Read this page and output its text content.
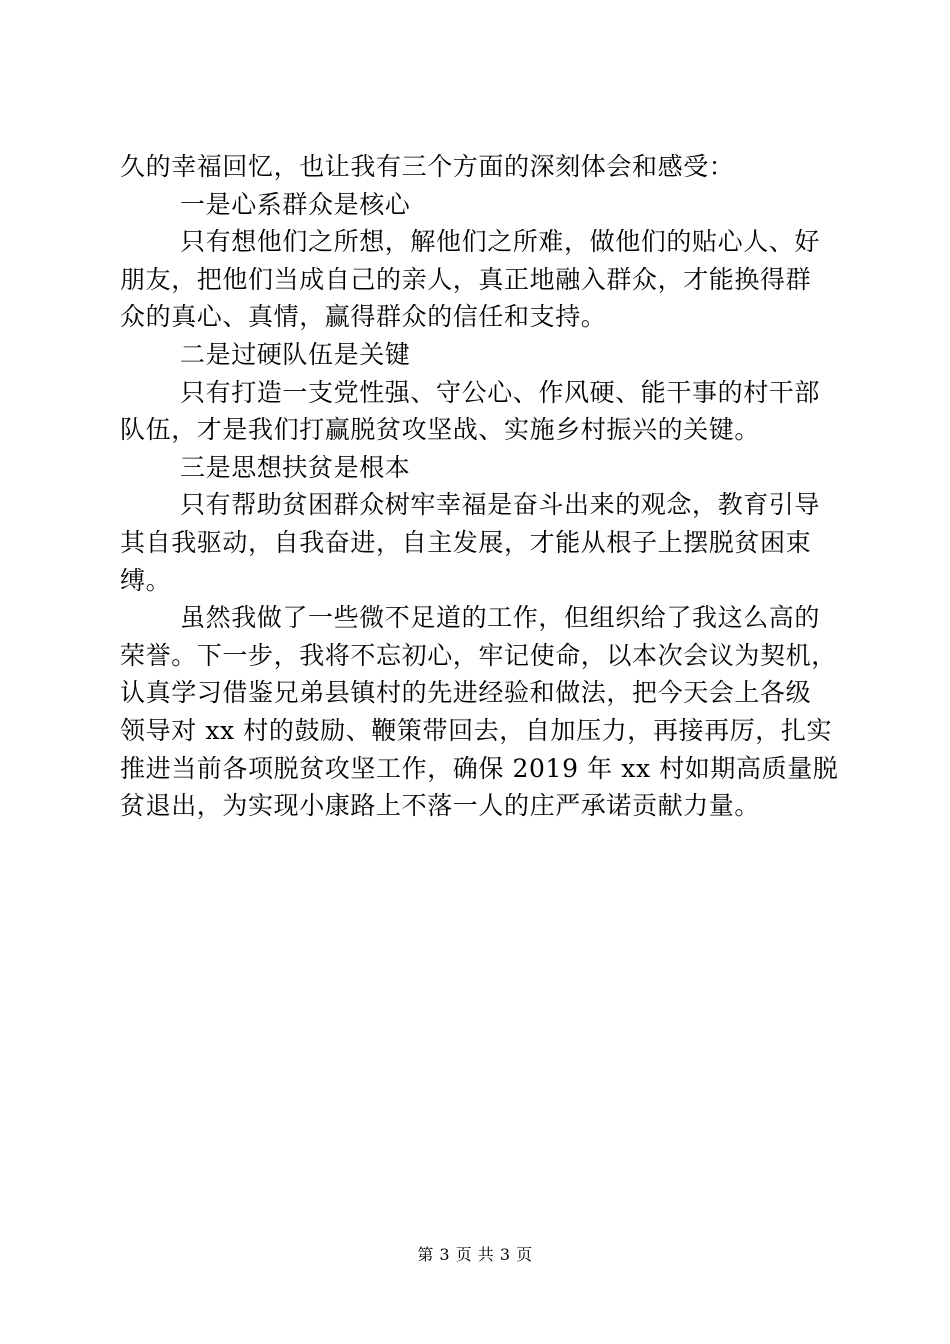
久的幸福回忆，也让我有三个方面的深刻体会和感受：
一是心系群众是核心
只有想他们之所想，解他们之所难，做他们的贴心人、好
朋友，把他们当成自己的亲人，真正地融入群众，才能换得群
众的真心、真情，赢得群众的信任和支持。
二是过硬队伍是关键
只有打造一支党性强、守公心、作风硬、能干事的村干部
队伍，才是我们打赢脱贫攻坚战、实施乡村振兴的关键。
三是思想扶贫是根本
只有帮助贫困群众树牢幸福是奋斗出来的观念，教育引导
其自我驱动，自我奋进，自主发展，才能从根子上摆脱贫困束
缚。
虽然我做了一些微不足道的工作，但组织给了我这么高的
荣誉。下一步，我将不忘初心，牢记使命，以本次会议为契机，
认真学习借鉴兄弟县镇村的先进经验和做法，把今天会上各级
领导对 xx 村的鼓励、鞭策带回去，自加压力，再接再厉，扎实
推进当前各项脱贫攻坚工作，确保 2019 年 xx 村如期高质量脱
贫退出，为实现小康路上不落一人的庄严承诺贡献力量。
第 3 页 共 3 页
